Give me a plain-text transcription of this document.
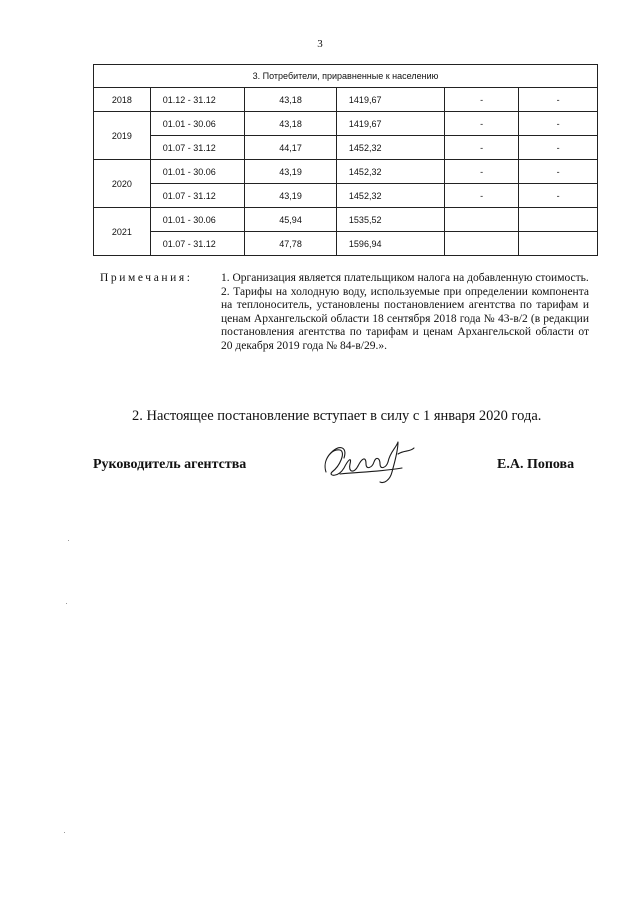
3
3. Потребители, приравненные к населению					
2018	01.12 - 31.12	43,18	1419,67	-	-
2019	01.01 - 30.06	43,18	1419,67	-	-
	01.07 - 31.12	44,17	1452,32	-	-
2020	01.01 - 30.06	43,19	1452,32	-	-
	01.07 - 31.12	43,19	1452,32	-	-
2021	01.01 - 30.06	45,94	1535,52		
	01.07 - 31.12	47,78	1596,94		
Примечания: 1. Организация является плательщиком налога на добавленную стоимость.

2. Тарифы на холодную воду, используемые при определении компонента на теплоноситель, установлены постановлением агентства по тарифам и ценам Архангельской области 18 сентября 2018 года № 43-в/2 (в редакции постановления агентства по тарифам и ценам Архангельской области от 20 декабря 2019 года № 84-в/29.».

2. Настоящее постановление вступает в силу с 1 января 2020 года.
Руководитель агентства	Е.А. Попова
